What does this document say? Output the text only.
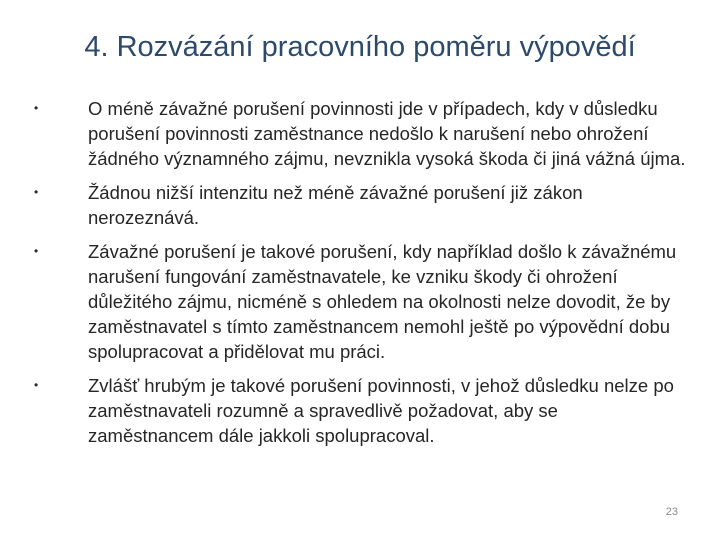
4. Rozvázání pracovního poměru výpovědí
•	O méně závažné porušení povinnosti jde v případech, kdy v důsledku porušení povinnosti zaměstnance nedošlo k narušení nebo ohrožení žádného významného zájmu, nevznikla vysoká škoda či jiná vážná újma.
•	Žádnou nižší intenzitu než méně závažné porušení již zákon nerozeznává.
•	Závažné porušení je takové porušení, kdy například došlo k závažnému narušení fungování zaměstnavatele, ke vzniku škody či ohrožení důležitého zájmu, nicméně s ohledem na okolnosti nelze dovodit, že by zaměstnavatel s tímto zaměstnancem nemohl ještě po výpovědní dobu spolupracovat a přidělovat mu práci.
•	Zvlášť hrubým je takové porušení povinnosti, v jehož důsledku nelze po zaměstnavateli rozumně a spravedlivě požadovat, aby se zaměstnancem dále jakkoli spolupracoval.
23
